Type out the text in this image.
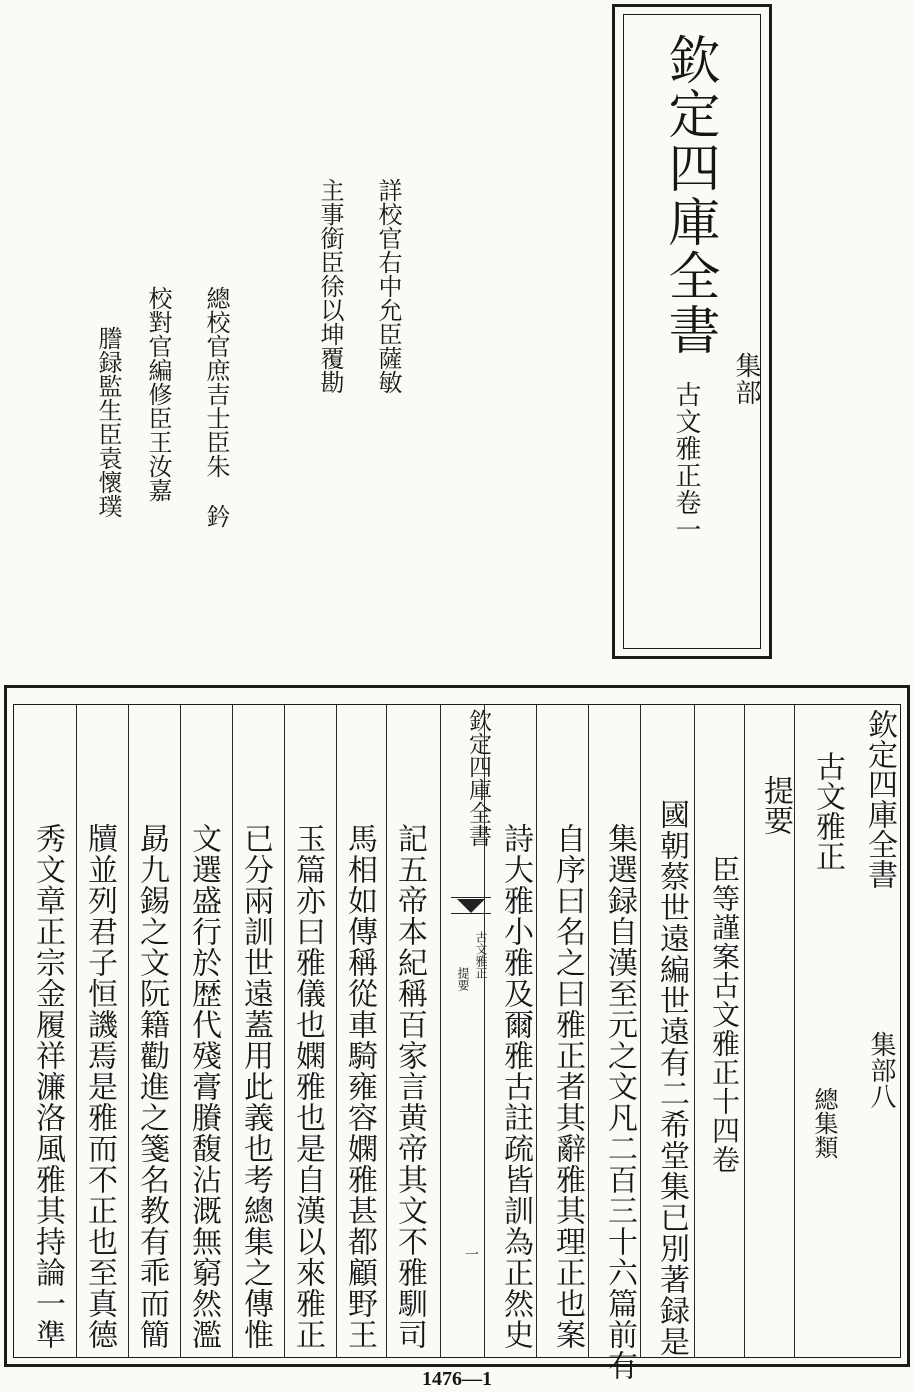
欽定四庫全書
集部
古文雅正卷一
詳校官右中允臣薩
敏
主事銜臣徐以坤覆勘
總校官庶吉士臣朱
鈐
校對官編修臣王汝嘉
謄録監生臣袁懷璞
欽定四庫全書
集部八
古文雅正
總集類
提要
臣等謹案古文雅正十四卷
國朝蔡世遠編世遠有二希堂集已別著録是
集選録自漢至元之文凡二百三十六篇前有
自序曰名之曰雅正者其辭雅其理正也案
詩大雅小雅及爾雅古註疏皆訓為正然史
記五帝本紀稱百家言黄帝其文不雅馴司
馬相如傳稱從車騎雍容嫻雅甚都顧野王
玉篇亦曰雅儀也嫻雅也是自漢以來雅正
已分兩訓世遠蓋用此義也考總集之傳惟
文選盛行於歴代殘膏賸馥沾溉無窮然濫
勗九錫之文阮籍勸進之箋名教有乖而簡
牘並列君子恒譏焉是雅而不正也至真德
秀文章正宗金履祥濂洛風雅其持論一準
欽定四庫全書
古文雅正
提要
一
1476—1
